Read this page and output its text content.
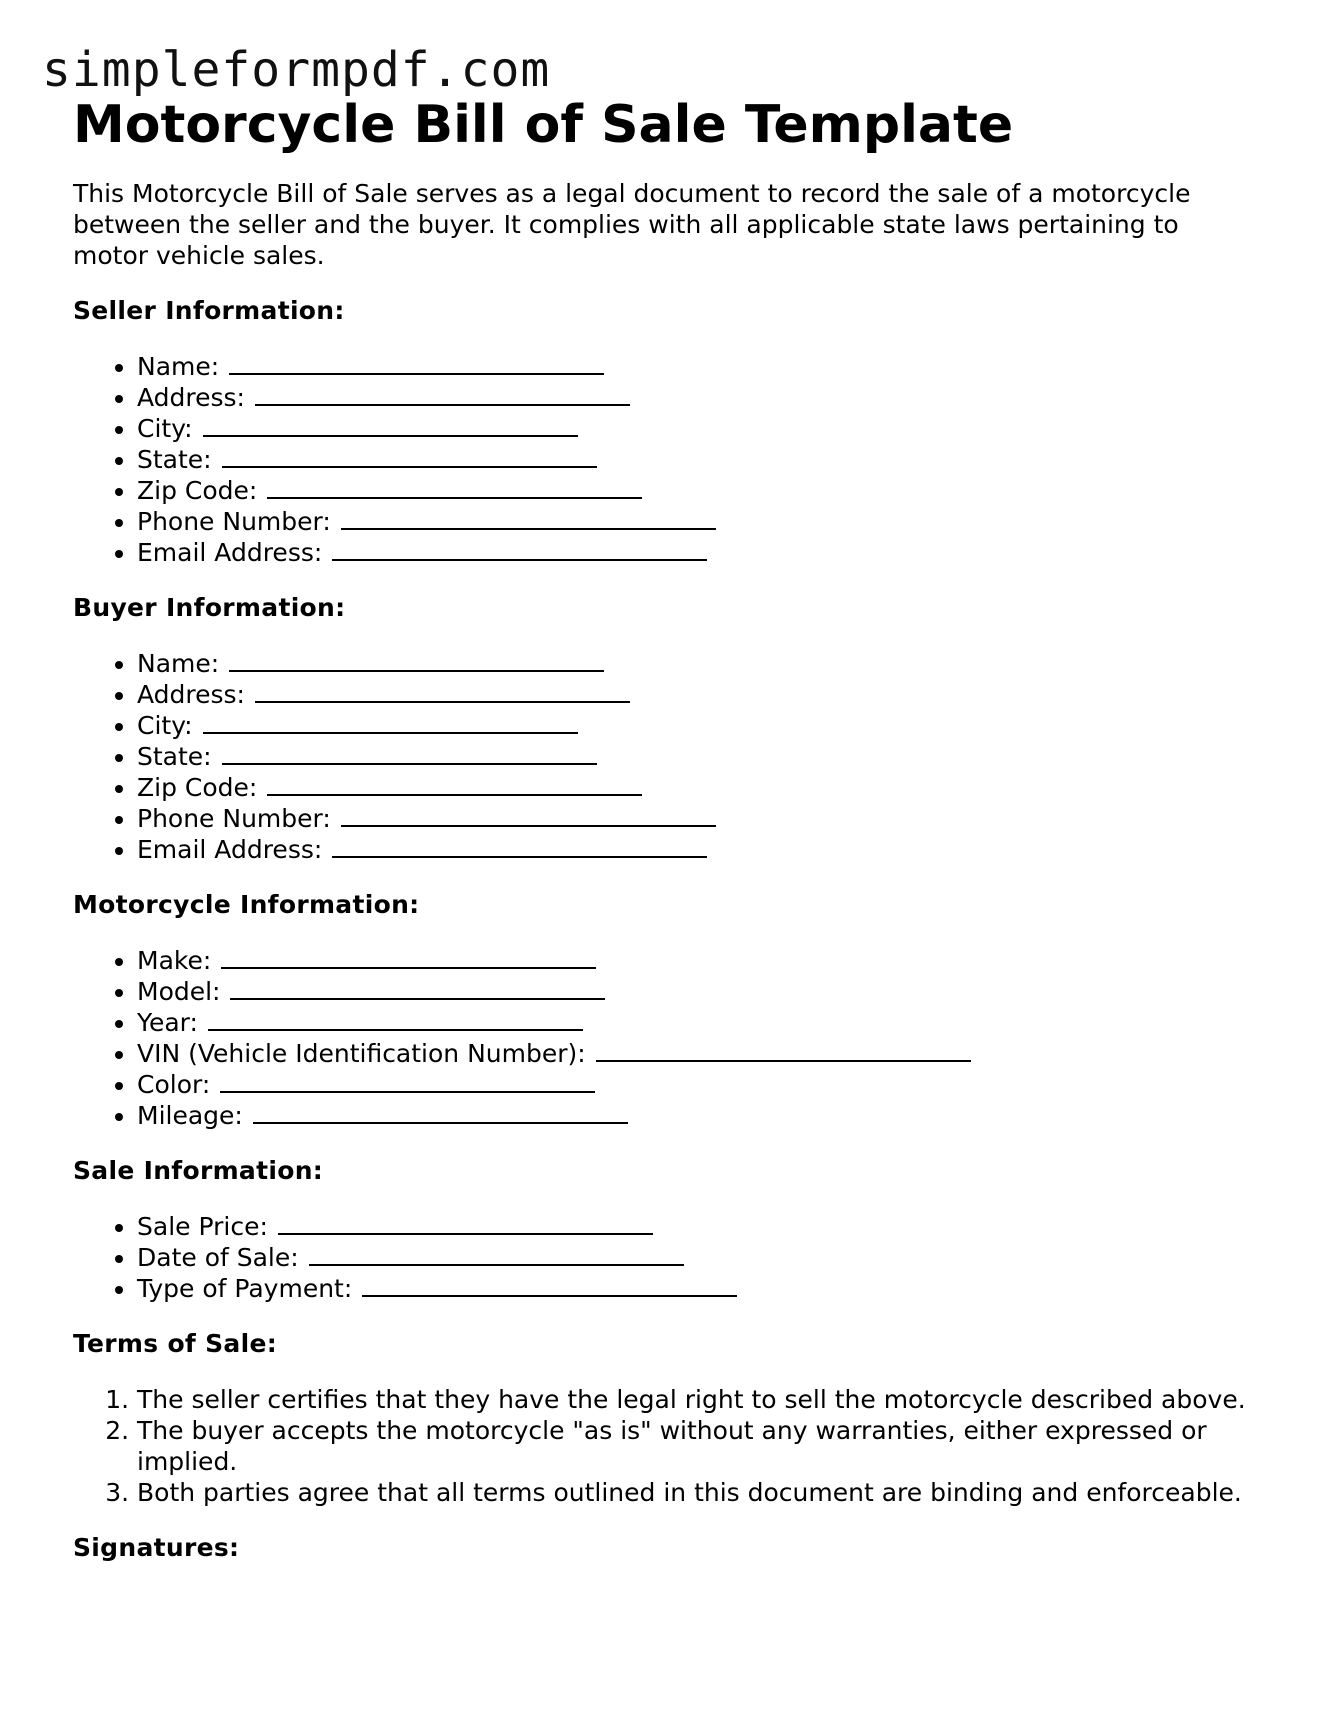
simpleformpdf.com
Motorcycle Bill of Sale Template

This Motorcycle Bill of Sale serves as a legal document to record the sale of a motorcycle between the seller and the buyer. It complies with all applicable state laws pertaining to motor vehicle sales.

Seller Information:
• Name:
• Address:
• City:
• State:
• Zip Code:
• Phone Number:
• Email Address:
Buyer Information:
• Name:
• Address:
• City:
• State:
• Zip Code:
• Phone Number:
• Email Address:
Motorcycle Information:
• Make:
• Model:
• Year:
• VIN (Vehicle Identification Number):
• Color:
• Mileage:
Sale Information:
• Sale Price:
• Date of Sale:
• Type of Payment:
Terms of Sale:
1. The seller certifies that they have the legal right to sell the motorcycle described above.
2. The buyer accepts the motorcycle "as is" without any warranties, either expressed or implied.
3. Both parties agree that all terms outlined in this document are binding and enforceable.
Signatures:
